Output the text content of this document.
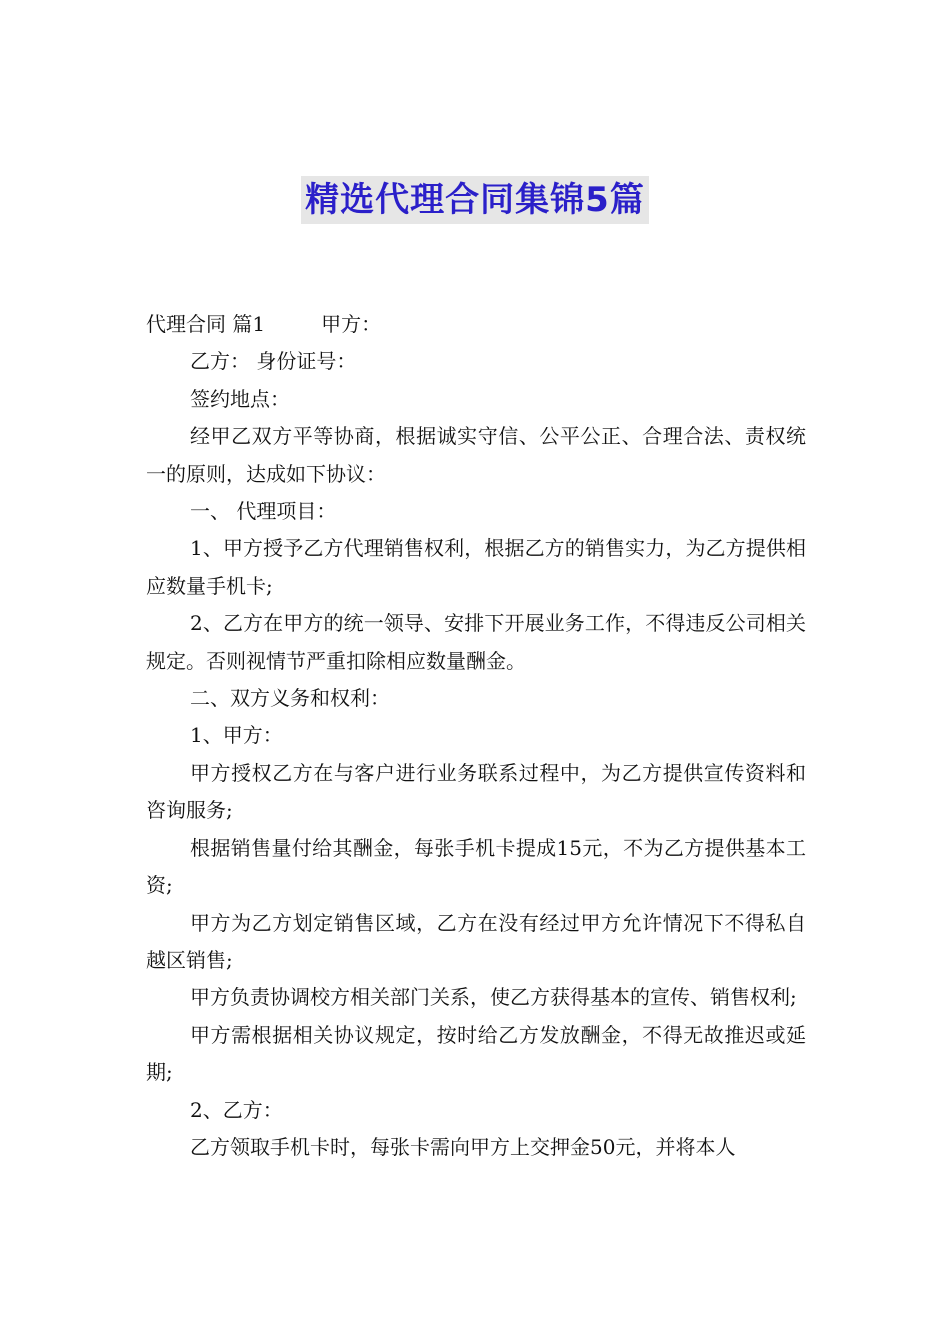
精选代理合同集锦5篇

代理合同 篇1	甲方：

乙方： 身份证号：

签约地点：

经甲乙双方平等协商，根据诚实守信、公平公正、合理合法、责权统一的原则，达成如下协议：

一、 代理项目：

1、甲方授予乙方代理销售权利，根据乙方的销售实力，为乙方提供相应数量手机卡;

2、乙方在甲方的统一领导、安排下开展业务工作，不得违反公司相关规定。否则视情节严重扣除相应数量酬金。

二、双方义务和权利：

1、甲方：

甲方授权乙方在与客户进行业务联系过程中，为乙方提供宣传资料和咨询服务;

根据销售量付给其酬金，每张手机卡提成15元，不为乙方提供基本工资;

甲方为乙方划定销售区域，乙方在没有经过甲方允许情况下不得私自越区销售;

甲方负责协调校方相关部门关系，使乙方获得基本的宣传、销售权利;

甲方需根据相关协议规定，按时给乙方发放酬金，不得无故推迟或延期;

2、乙方：

乙方领取手机卡时，每张卡需向甲方上交押金50元，并将本人
